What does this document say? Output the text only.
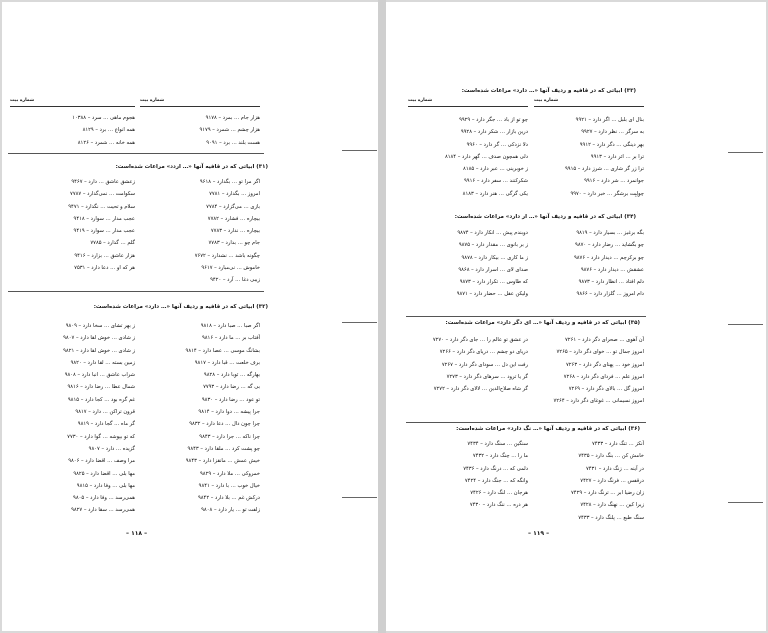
شماره بیت	شماره بیت
هجوم ماهی … سرد – ۱۰۳۸۸
همه انواع … برد – ۸۱۲۹
همه خانه … شمرد – ۸۱۲۶
هزار جام … بمرد – ۹۱۷۸
هزار چشم … شمرد – ۹۱۷۹
هست بلند … برد – ۹۰۹۱
(۳۱) ابیاتی که در قافیه آنها «… اردد» مراعات شده‌است:
زعشق عاشق … دارد – ۹۴۶۷
سکوامت … نمی‌گذارد – ۷۷۸۷
سلام و تحیت … نگذارد – ۹۴۷۱
عجب مدار … سوارد – ۹۴۱۸
عجب مدار … سوارد – ۹۴۱۹
گلم … گذارد – ۷۷۸۵
هزار عاشق … بزارد – ۹۴۱۶
هر که او … دعا دارد – ۷۵۳۱
اگر مرا تو … بگدارد – ۹۶۱۸
امروز … بگدارد – ۷۷۸۱
بازی … می‌گزارد – ۷۷۸۴
بیچاره … فشارد – ۷۷۸۲
بیچاره … ندارد – ۷۷۸۳
جام چو … بدارد – ۷۷۸۳
چگونه باشد … نشدارد – ۷۶۷۲
خاموش … نی‌مبارد – ۹۶۱۷
زیبی دغا … آرد – ۹۴۲۰
(۳۲) ابیاتی که در قافیه و ردیف آنها «… دارد» مراعات شده‌است:
ز بهر تشای … سخا دارد – ۹۸۰۹
ز شادی … خوش لقا دارد – ۹۸۰۷
ز شادی … خوش لقا دارد – ۹۸۲۱
زمین بسته … لقا دارد – ۹۸۲۰
شراب عاشق … انبا دارد – ۹۸۰۸
شمال عطا … رضا دارد – ۹۸۱۶
غم گره بود … کجا دارد – ۹۸۱۵
قرون تراکن … دارد – ۹۸۱۷
گر ماه … گجا دارد – ۹۸۱۹
که تو بپوشه … گوا دارد – ۷۷۳۰
گزیده … دارد – ۹۸۰۷
مرا وصف … اقضا دارد – ۹۸۰۶
مها بلی … اقضا دارد – ۹۸۲۵
مها بلی … وفا دارد – ۹۸۱۵
همی‌رسد … وفا دارد – ۹۸۰۵
همی‌رسد … سقا دارد – ۹۸۲۷
اگر صبا … صبا دارد – ۹۸۱۸
آفتاب بر … ما دارد – ۹۸۱۶
بشانگ موسی … عصا دارد – ۹۸۱۴
برف خلعت … قبا دارد – ۹۸۱۷
بهارگه … ثوبا دارد – ۹۸۲۸
بی گه … رضا دارد – ۷۷۹۳
تو عود … رضا دارد – ۹۸۳۰
جرا پیشه … دوا دارد – ۹۸۱۴
چرا چون دال … دعا دارد – ۹۸۳۲
چرا ناکه … جرا دارد – ۹۸۴۳
چو پشت کرد … ملقا دارد – ۹۸۴۳
خیش عمش … مانقزا دارد – ۹۸۴۳
خمروکی … ملا دارد – ۹۸۲۹
خیال خوب … با دارد – ۹۸۴۱
درکش غم … بلا دارد – ۹۸۴۲
زلفت تو … یار دارد – ۹۸۰۸
– ۱۱۸ –
شماره بیت	شماره بیت
(۳۳) ابیاتی که در قافیه و ردیف آنها «… دارد» مراعات شده‌است:
چو تو از باد … جگر دارد – ۹۹۲۹
درین بازار … شکر دارد – ۹۹۲۸
دلا نزدکی … گر دارد – ۹۹۶۰
دلی همچون صدف … گهر دارد – ۸۱۸۴
ز خوبرینی … عبر دارد – ۸۱۸۵
شکرکنند … سفر دارد – ۹۹۱۶
یکی گرگی … هنر دارد – ۸۱۸۳
بنال ای بلبل … اگر دارد – ۹۹۲۱
به سرگر … نظر دارد – ۹۹۲۷
بهر دینگی … دگر دارد – ۹۹۱۲
ترا بر … اثر دارد – ۹۹۱۳
ترا زر گر شاری … شرز دارد – ۹۹۱۵
جوانمرد … شر دارد – ۹۹۱۶
چولِبِت برشگر … خبر دارد – ۹۹۷۰
(۳۴) ابیاتی که در قافیه و ردیف آنها «… ار دارد» مراعات شده‌است:
دوبندم پیش … انکار دارد – ۹۸۷۴
ز بر بانوی … مقدار دارد – ۹۸۷۵
ز ما کاری … بیکار دارد – ۹۸۷۸
صدای لای … اسرار دارد – ۹۸۶۸
که طاوس … تکرار دارد – ۹۸۷۳
ولیکن عقل … حضار دارد – ۹۸۷۱
بگه برغیز … بسیار دارد – ۹۸۱۹
چو بگشاید … رضار دارد – ۹۸۷۰
چو برکرچم … دیدار دارد – ۹۸۷۶
عشقش … دیدار دارد – ۹۸۷۶
دلم افتاد … انظار دارد – ۹۸۷۳
دام امروز … گلزار دارد – ۹۸۶۶
(۳۵) ابیاتی که در قافیه و ردیف آنها «… ای دگر دارد» مراعات شده‌است:
در عشق تو عالم را … جای دگر دارد – ۷۲۷۰
دریای دو چشم … دریای دگر دارد – ۷۲۶۶
رفت این دل … سودای دگر دارد – ۷۲۶۷
گر یا ترود … سرهای دگر دارد – ۷۲۷۳
گر شاه صلاح‌الدین … لالای دگر دارد – ۷۲۷۲
آن آهوی … صحرای دگر دارد – ۷۲۶۱
امروز جمال تو … خوای دگر دارد – ۷۲۶۵
امروز خود … پهنای دگر دارد – ۷۲۶۳
امروز علم … فردای دگر دارد – ۷۲۶۸
امروز گل … بالای دگر دارد – ۷۲۶۹
امروز نسیمانی … غوغای دگر دارد – ۷۲۶۴
(۳۶) ابیاتی که در قافیه و ردیف آنها «… نگ دارد» مراعات شده‌است:
سنگین … سنگ دارد – ۷۴۳۴
ما را … چنگ دارد – ۷۴۳۲
دلمی که … درنگ دارد – ۷۴۳۶
وانگه که … جنگ دارد – ۷۴۲۴
هرجان … لنگ دارد – ۷۴۲۶
هر ذره … ننگ دارد – ۷۴۳۰
آنکز … تنگ دارد – ۷۴۳۳
خامش کن … بنگ دارد – ۷۴۳۵
در آینه … زنگ دارد – ۷۴۳۱
درقفس … فرنگ دارد – ۷۴۲۷
زان رضیا ابر … ترنگ دارد – ۷۴۲۹
زیرا کین … نهنگ دارد – ۷۴۲۸
سنگ طبع … پلنگ دارد – ۷۴۳۳
– ۱۱۹ –
